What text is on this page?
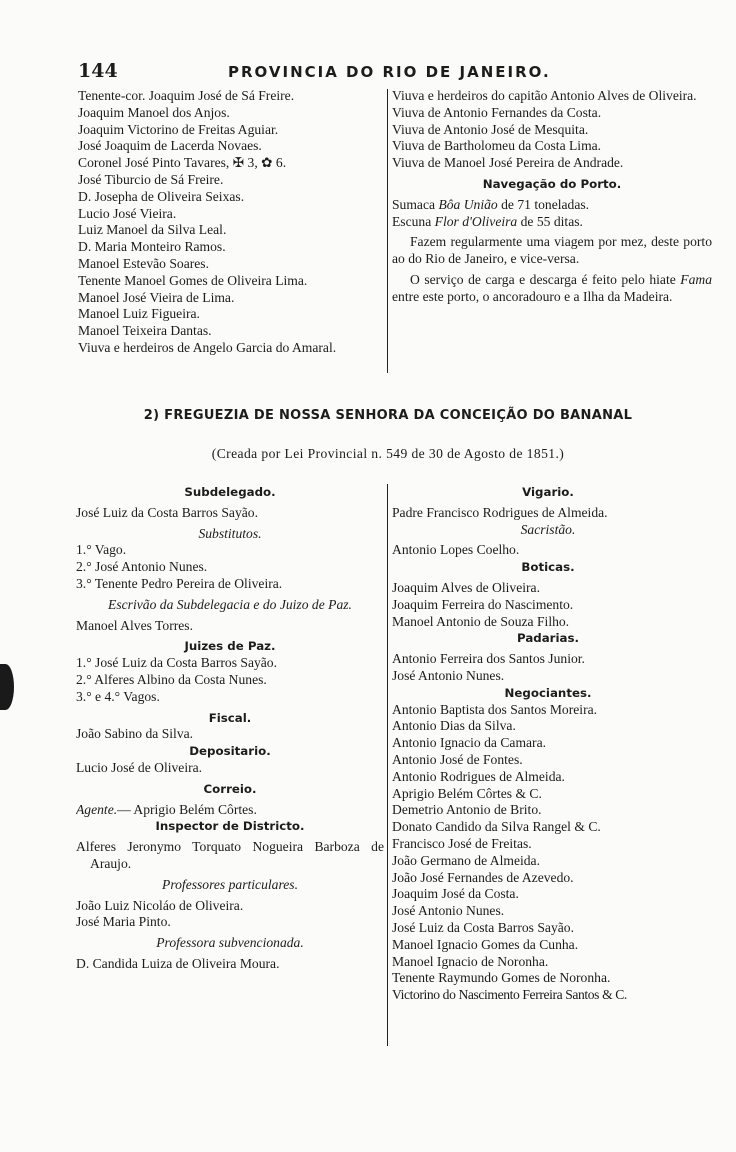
144	PROVINCIA DO RIO DE JANEIRO.
Tenente-cor. Joaquim José de Sá Freire.
Joaquim Manoel dos Anjos.
Joaquim Victorino de Freitas Aguiar.
José Joaquim de Lacerda Novaes.
Coronel José Pinto Tavares, ✠ 3, ✿ 6.
José Tiburcio de Sá Freire.
D. Josepha de Oliveira Seixas.
Lucio José Vieira.
Luiz Manoel da Silva Leal.
D. Maria Monteiro Ramos.
Manoel Estevão Soares.
Tenente Manoel Gomes de Oliveira Lima.
Manoel José Vieira de Lima.
Manoel Luiz Figueira.
Manoel Teixeira Dantas.
Viuva e herdeiros de Angelo Garcia do Amaral.
Viuva e herdeiros do capitão Antonio Alves de Oliveira.
Viuva de Antonio Fernandes da Costa.
Viuva de Antonio José de Mesquita.
Viuva de Bartholomeu da Costa Lima.
Viuva de Manoel José Pereira de Andrade.
Navegação do Porto.
Sumaca Bôa União de 71 toneladas.
Escuna Flor d'Oliveira de 55 ditas.
Fazem regularmente uma viagem por mez, deste porto ao do Rio de Janeiro, e vice-versa.
O serviço de carga e descarga é feito pelo hiate Fama entre este porto, o ancoradouro e a Ilha da Madeira.
2) FREGUEZIA DE NOSSA SENHORA DA CONCEIÇÃO DO BANANAL
(Creada por Lei Provincial n. 549 de 30 de Agosto de 1851.)
Subdelegado.
José Luiz da Costa Barros Sayão.
Substitutos.
1.° Vago.
2.° José Antonio Nunes.
3.° Tenente Pedro Pereira de Oliveira.
Escrivão da Subdelegacia e do Juizo de Paz.
Manoel Alves Torres.
Juizes de Paz.
1.° José Luiz da Costa Barros Sayão.
2.° Alferes Albino da Costa Nunes.
3.° e 4.° Vagos.
Fiscal.
João Sabino da Silva.
Depositario.
Lucio José de Oliveira.
Correio.
Agente.— Aprigio Belém Côrtes.
Inspector de Districto.
Alferes Jeronymo Torquato Nogueira Barboza de Araujo.
Professores particulares.
João Luiz Nicoláo de Oliveira.
José Maria Pinto.
Professora subvencionada.
D. Candida Luiza de Oliveira Moura.
Vigario.
Padre Francisco Rodrigues de Almeida.
Sacristão.
Antonio Lopes Coelho.
Boticas.
Joaquim Alves de Oliveira.
Joaquim Ferreira do Nascimento.
Manoel Antonio de Souza Filho.
Padarias.
Antonio Ferreira dos Santos Junior.
José Antonio Nunes.
Negociantes.
Antonio Baptista dos Santos Moreira.
Antonio Dias da Silva.
Antonio Ignacio da Camara.
Antonio José de Fontes.
Antonio Rodrigues de Almeida.
Aprigio Belém Côrtes & C.
Demetrio Antonio de Brito.
Donato Candido da Silva Rangel & C.
Francisco José de Freitas.
João Germano de Almeida.
João José Fernandes de Azevedo.
Joaquim José da Costa.
José Antonio Nunes.
José Luiz da Costa Barros Sayão.
Manoel Ignacio Gomes da Cunha.
Manoel Ignacio de Noronha.
Tenente Raymundo Gomes de Noronha.
Victorino do Nascimento Ferreira Santos & C.
